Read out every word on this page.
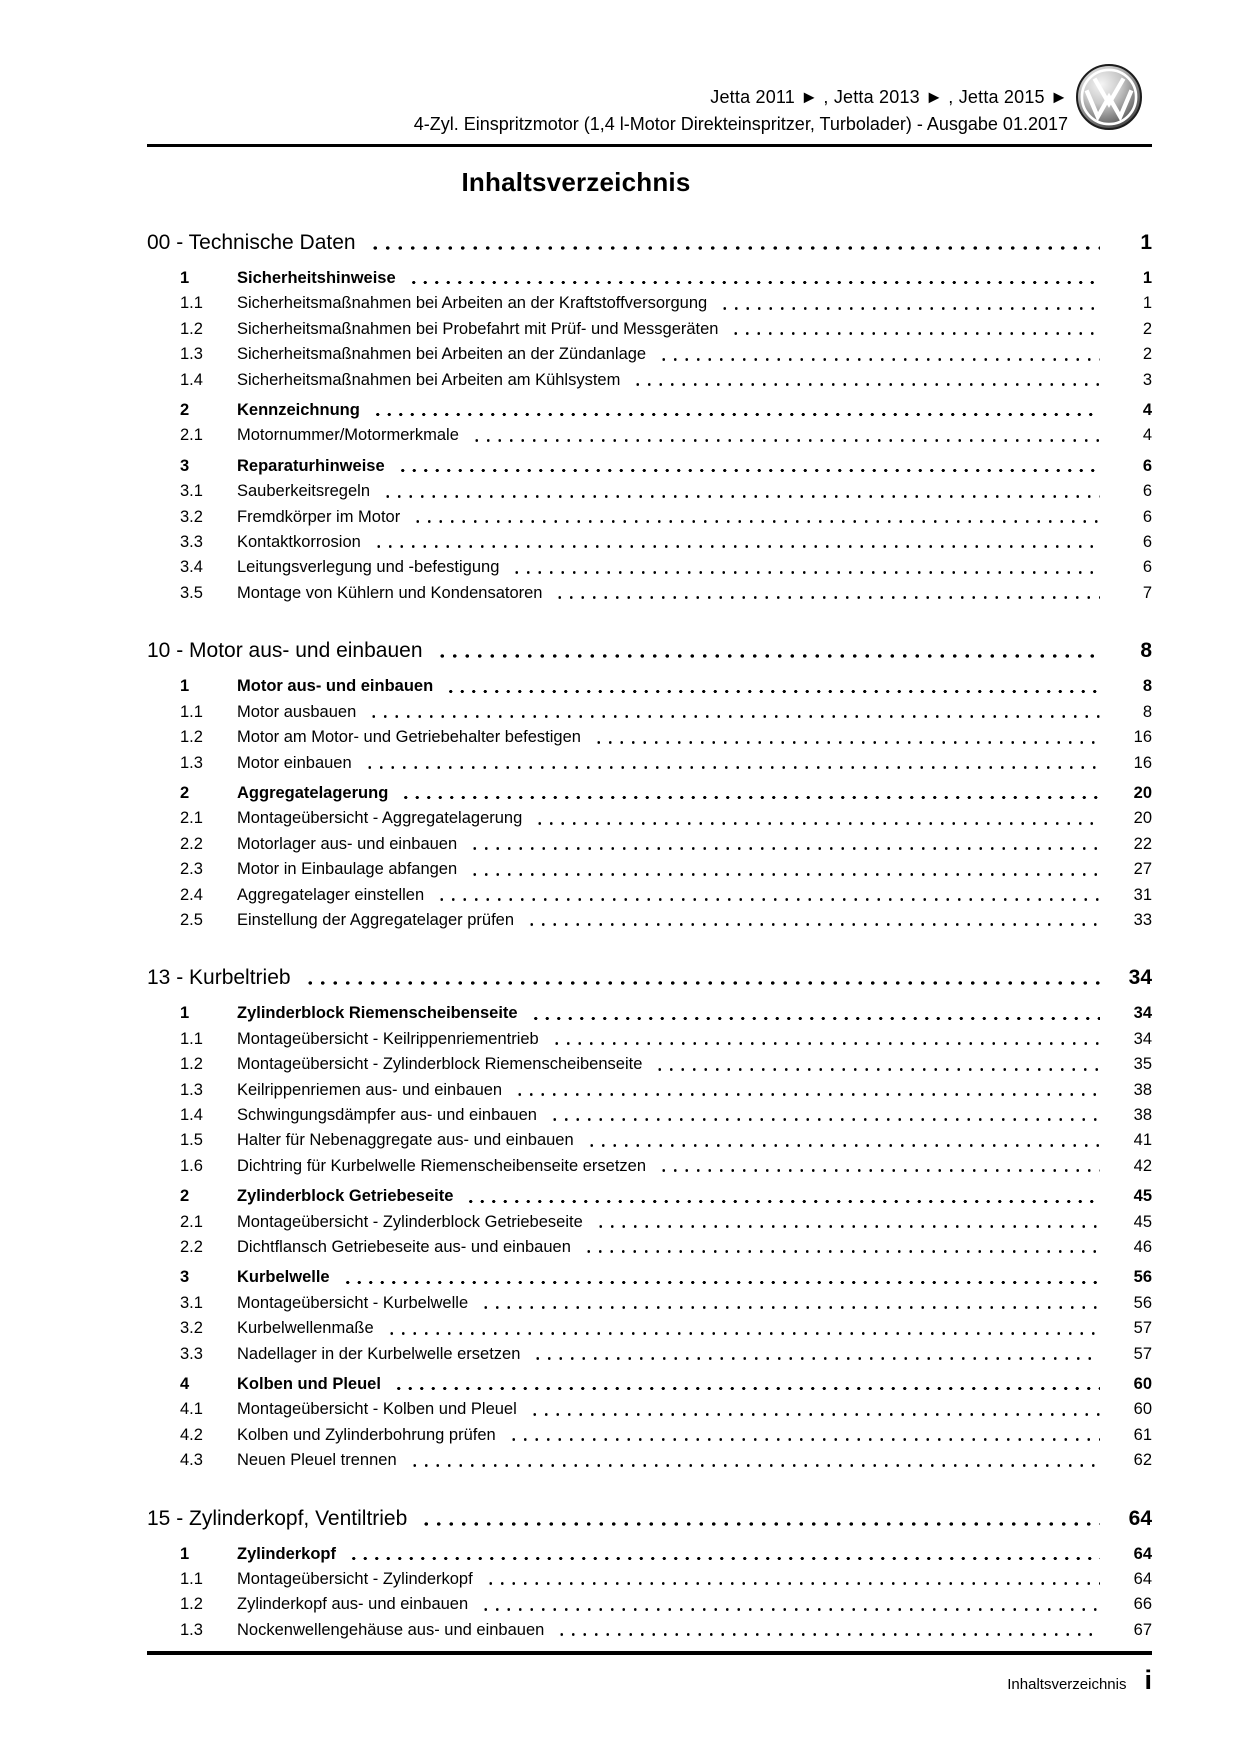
Jetta 2011 ► , Jetta 2013 ► , Jetta 2015 ►
4-Zyl. Einspritzmotor (1,4 l-Motor Direkteinspritzer, Turbolader) - Ausgabe 01.2017
Inhaltsverzeichnis
00 - Technische Daten	1
1	Sicherheitshinweise	1
1.1	Sicherheitsmaßnahmen bei Arbeiten an der Kraftstoffversorgung	1
1.2	Sicherheitsmaßnahmen bei Probefahrt mit Prüf- und Messgeräten	2
1.3	Sicherheitsmaßnahmen bei Arbeiten an der Zündanlage	2
1.4	Sicherheitsmaßnahmen bei Arbeiten am Kühlsystem	3
2	Kennzeichnung	4
2.1	Motornummer/Motormerkmale	4
3	Reparaturhinweise	6
3.1	Sauberkeitsregeln	6
3.2	Fremdkörper im Motor	6
3.3	Kontaktkorrosion	6
3.4	Leitungsverlegung und -befestigung	6
3.5	Montage von Kühlern und Kondensatoren	7
10 - Motor aus- und einbauen	8
1	Motor aus- und einbauen	8
1.1	Motor ausbauen	8
1.2	Motor am Motor- und Getriebehalter befestigen	16
1.3	Motor einbauen	16
2	Aggregatelagerung	20
2.1	Montageübersicht - Aggregatelagerung	20
2.2	Motorlager aus- und einbauen	22
2.3	Motor in Einbaulage abfangen	27
2.4	Aggregatelager einstellen	31
2.5	Einstellung der Aggregatelager prüfen	33
13 - Kurbeltrieb	34
1	Zylinderblock Riemenscheibenseite	34
1.1	Montageübersicht - Keilrippenriementrieb	34
1.2	Montageübersicht - Zylinderblock Riemenscheibenseite	35
1.3	Keilrippenriemen aus- und einbauen	38
1.4	Schwingungsdämpfer aus- und einbauen	38
1.5	Halter für Nebenaggregate aus- und einbauen	41
1.6	Dichtring für Kurbelwelle Riemenscheibenseite ersetzen	42
2	Zylinderblock Getriebeseite	45
2.1	Montageübersicht - Zylinderblock Getriebeseite	45
2.2	Dichtflansch Getriebeseite aus- und einbauen	46
3	Kurbelwelle	56
3.1	Montageübersicht - Kurbelwelle	56
3.2	Kurbelwellenmaße	57
3.3	Nadellager in der Kurbelwelle ersetzen	57
4	Kolben und Pleuel	60
4.1	Montageübersicht - Kolben und Pleuel	60
4.2	Kolben und Zylinderbohrung prüfen	61
4.3	Neuen Pleuel trennen	62
15 - Zylinderkopf, Ventiltrieb	64
1	Zylinderkopf	64
1.1	Montageübersicht - Zylinderkopf	64
1.2	Zylinderkopf aus- und einbauen	66
1.3	Nockenwellengehäuse aus- und einbauen	67
Inhaltsverzeichnis i
